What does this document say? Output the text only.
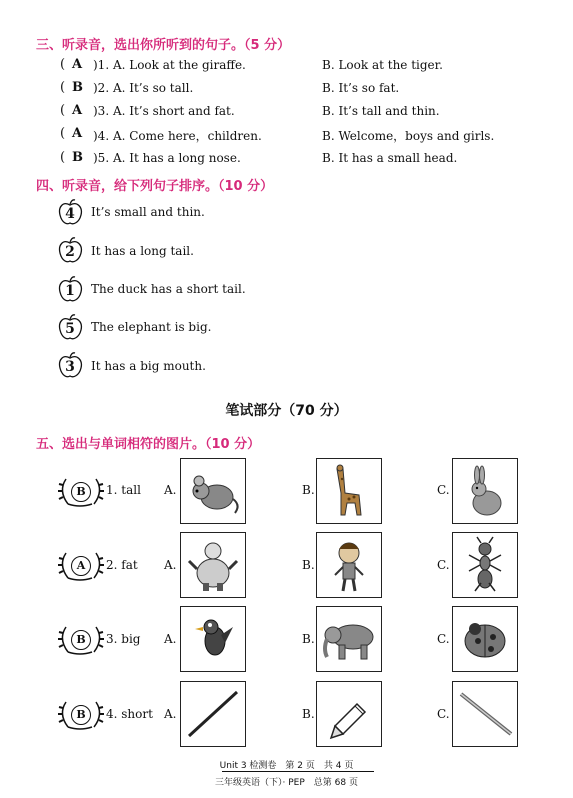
三、听录音，选出你所听到的句子。（5 分）
( A )1. A. Look at the giraffe.	B. Look at the tiger.
( B )2. A. It’s so tall.	B. It’s so fat.
( A )3. A. It’s short and fat.	B. It’s tall and thin.
( A )4. A. Come here，children.	B. Welcome，boys and girls.
( B )5. A. It has a long nose.	B. It has a small head.
四、听录音，给下列句子排序。（10 分）
4	It’s small and thin.
2	It has a long tail.
1	The duck has a short tail.
5	The elephant is big.
3	It has a big mouth.
笔试部分（70 分）
五、选出与单词相符的图片。（10 分）
B	1. tall A.	B.	C.
A	2. fat A.	B.	C.
B	3. big A.	B.	C.
B	4. short A.	B.	C.
Unit 3 检测卷　第 2 页　共 4 页
三年级英语（下）· PEP　总第 68 页
